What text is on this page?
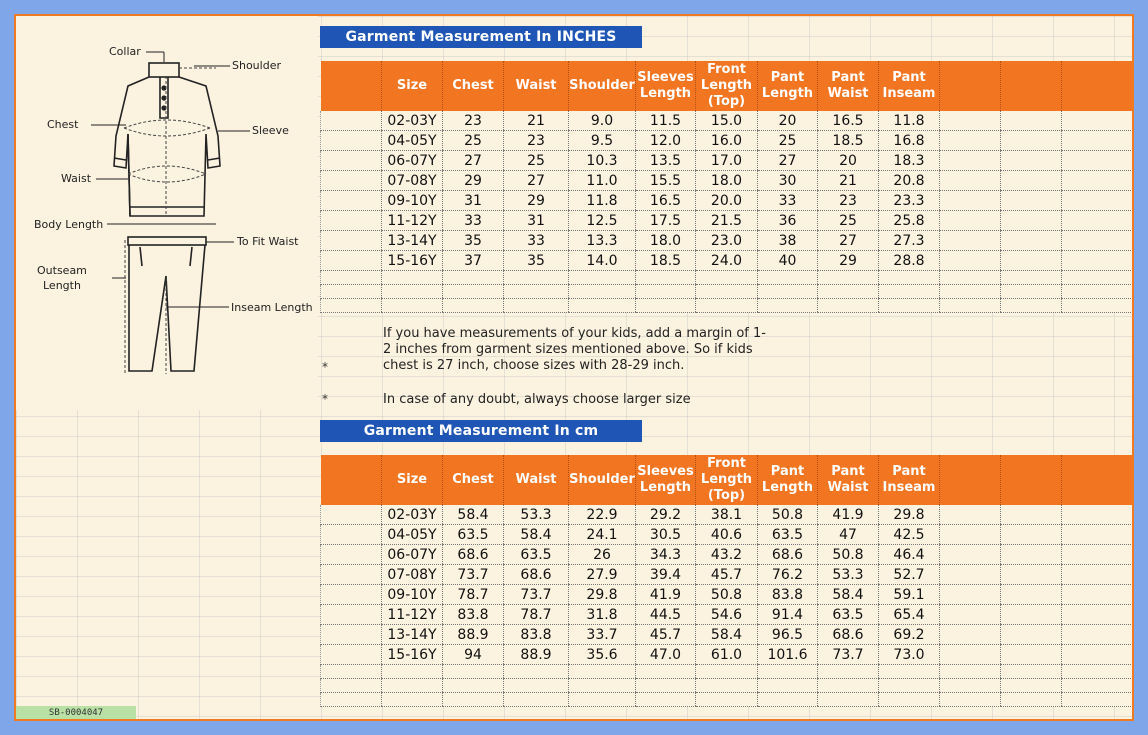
Collar
Shoulder
Chest	Sleeve
Waist
Body Length
To Fit Waist
Outseam
Length
Inseam Length
Garment Measurement In INCHES
	Size	Chest	Waist	Shoulder	Sleeves Length	Front Length (Top)	Pant Length	Pant Waist	Pant Inseam			
	02-03Y	23	21	9.0	11.5	15.0	20	16.5	11.8			
	04-05Y	25	23	9.5	12.0	16.0	25	18.5	16.8			
	06-07Y	27	25	10.3	13.5	17.0	27	20	18.3			
	07-08Y	29	27	11.0	15.5	18.0	30	21	20.8			
	09-10Y	31	29	11.8	16.5	20.0	33	23	23.3			
	11-12Y	33	31	12.5	17.5	21.5	36	25	25.8			
	13-14Y	35	33	13.3	18.0	23.0	38	27	27.3			
	15-16Y	37	35	14.0	18.5	24.0	40	29	28.8			

*
If you have measurements of your kids, add a margin of 1-2 inches from garment sizes mentioned above. So if kids chest is 27 inch, choose sizes with 28-29 inch.
*	In case of any doubt, always choose larger size
Garment Measurement In cm
	Size	Chest	Waist	Shoulder	Sleeves Length	Front Length (Top)	Pant Length	Pant Waist	Pant Inseam			
	02-03Y	58.4	53.3	22.9	29.2	38.1	50.8	41.9	29.8			
	04-05Y	63.5	58.4	24.1	30.5	40.6	63.5	47	42.5			
	06-07Y	68.6	63.5	26	34.3	43.2	68.6	50.8	46.4			
	07-08Y	73.7	68.6	27.9	39.4	45.7	76.2	53.3	52.7			
	09-10Y	78.7	73.7	29.8	41.9	50.8	83.8	58.4	59.1			
	11-12Y	83.8	78.7	31.8	44.5	54.6	91.4	63.5	65.4			
	13-14Y	88.9	83.8	33.7	45.7	58.4	96.5	68.6	69.2			
	15-16Y	94	88.9	35.6	47.0	61.0	101.6	73.7	73.0			

SB-0004047
